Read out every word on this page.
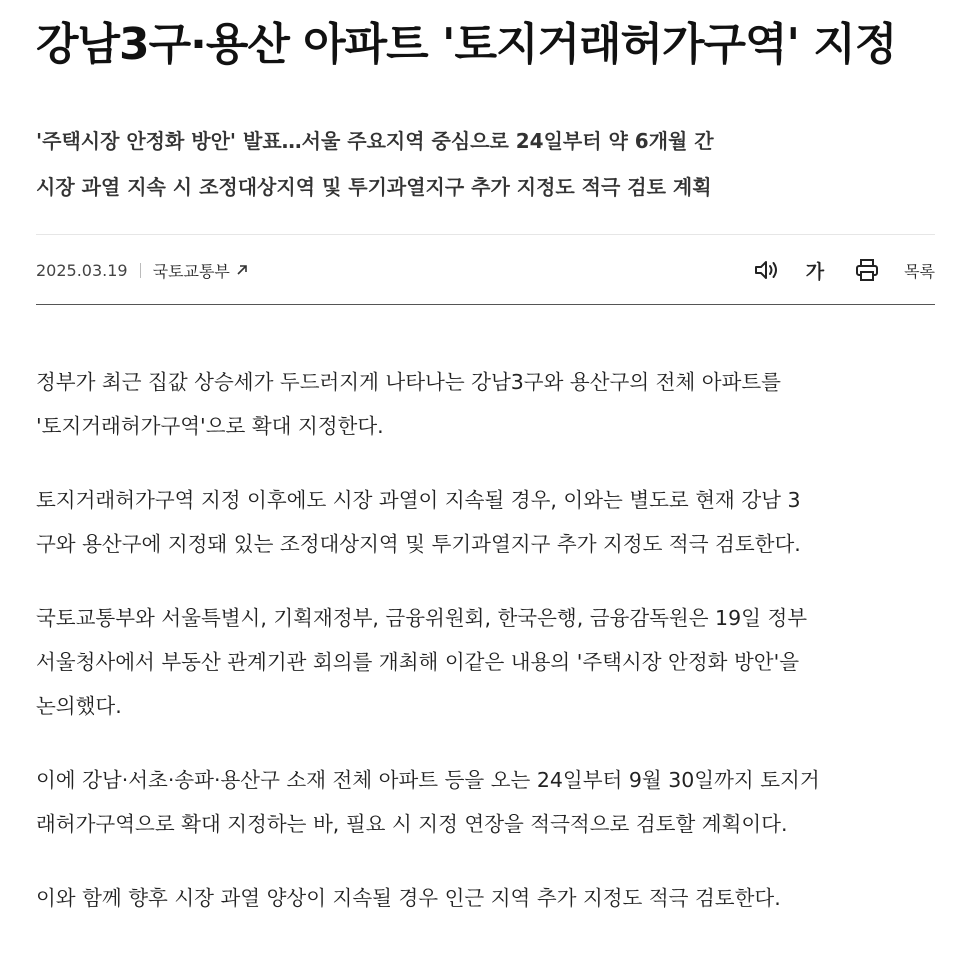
강남3구·용산 아파트 '토지거래허가구역' 지정
'주택시장 안정화 방안' 발표…서울 주요지역 중심으로 24일부터 약 6개월 간
시장 과열 지속 시 조정대상지역 및 투기과열지구 추가 지정도 적극 검토 계획
2025.03.19 국토교통부	가	목록

정부가 최근 집값 상승세가 두드러지게 나타나는 강남3구와 용산구의 전체 아파트를
'토지거래허가구역'으로 확대 지정한다.

토지거래허가구역 지정 이후에도 시장 과열이 지속될 경우, 이와는 별도로 현재 강남 3
구와 용산구에 지정돼 있는 조정대상지역 및 투기과열지구 추가 지정도 적극 검토한다.

국토교통부와 서울특별시, 기획재정부, 금융위원회, 한국은행, 금융감독원은 19일 정부
서울청사에서 부동산 관계기관 회의를 개최해 이같은 내용의 '주택시장 안정화 방안'을
논의했다.

이에 강남·서초·송파·용산구 소재 전체 아파트 등을 오는 24일부터 9월 30일까지 토지거
래허가구역으로 확대 지정하는 바, 필요 시 지정 연장을 적극적으로 검토할 계획이다.

이와 함께 향후 시장 과열 양상이 지속될 경우 인근 지역 추가 지정도 적극 검토한다.
